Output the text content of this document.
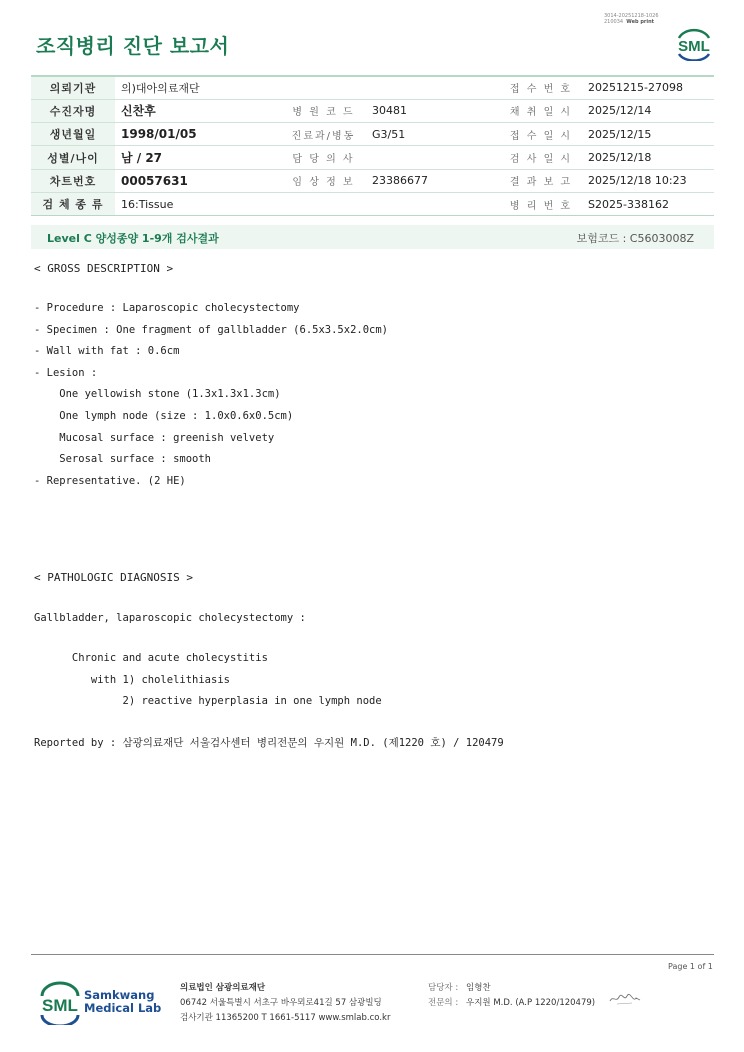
3014-20251218-1026
210034 Web print
조직병리 진단 보고서	SML
의뢰기관	의)대아의료재단			접 수 번 호	20251215-27098
수진자명	신찬후	병 원 코 드	30481	채 취 일 시	2025/12/14
생년월일	1998/01/05	진료과/병동	G3/51	접 수 일 시	2025/12/15
성별/나이	남 / 27	담 당 의 사		검 사 일 시	2025/12/18
차트번호	00057631	임 상 정 보	23386677	결 과 보 고	2025/12/18 10:23
검 체 종 류	16:Tissue			병 리 번 호	S2025-338162
Level C 양성종양 1-9개 검사결과	보험코드 : C5603008Z
< GROSS DESCRIPTION >
- Procedure : Laparoscopic cholecystectomy
- Specimen : One fragment of gallbladder (6.5x3.5x2.0cm)
- Wall with fat : 0.6cm
- Lesion :
One yellowish stone (1.3x1.3x1.3cm)
One lymph node (size : 1.0x0.6x0.5cm)
Mucosal surface : greenish velvety
Serosal surface : smooth
- Representative. (2 HE)
< PATHOLOGIC DIAGNOSIS >
Gallbladder, laparoscopic cholecystectomy :
Chronic and acute cholecystitis
with 1) cholelithiasis
2) reactive hyperplasia in one lymph node
Reported by : 삼광의료재단 서울검사센터 병리전문의 우지원 M.D. (제1220 호) / 120479
Page 1 of 1
SML
Samkwang
Medical Lab
의료법인 삼광의료재단
06742 서울특별시 서초구 바우뫼로41길 57 삼광빌딩
검사기관 11365200 T 1661-5117 www.smlab.co.kr
담당자 : 임형찬
전문의 : 우지원 M.D. (A.P 1220/120479)
